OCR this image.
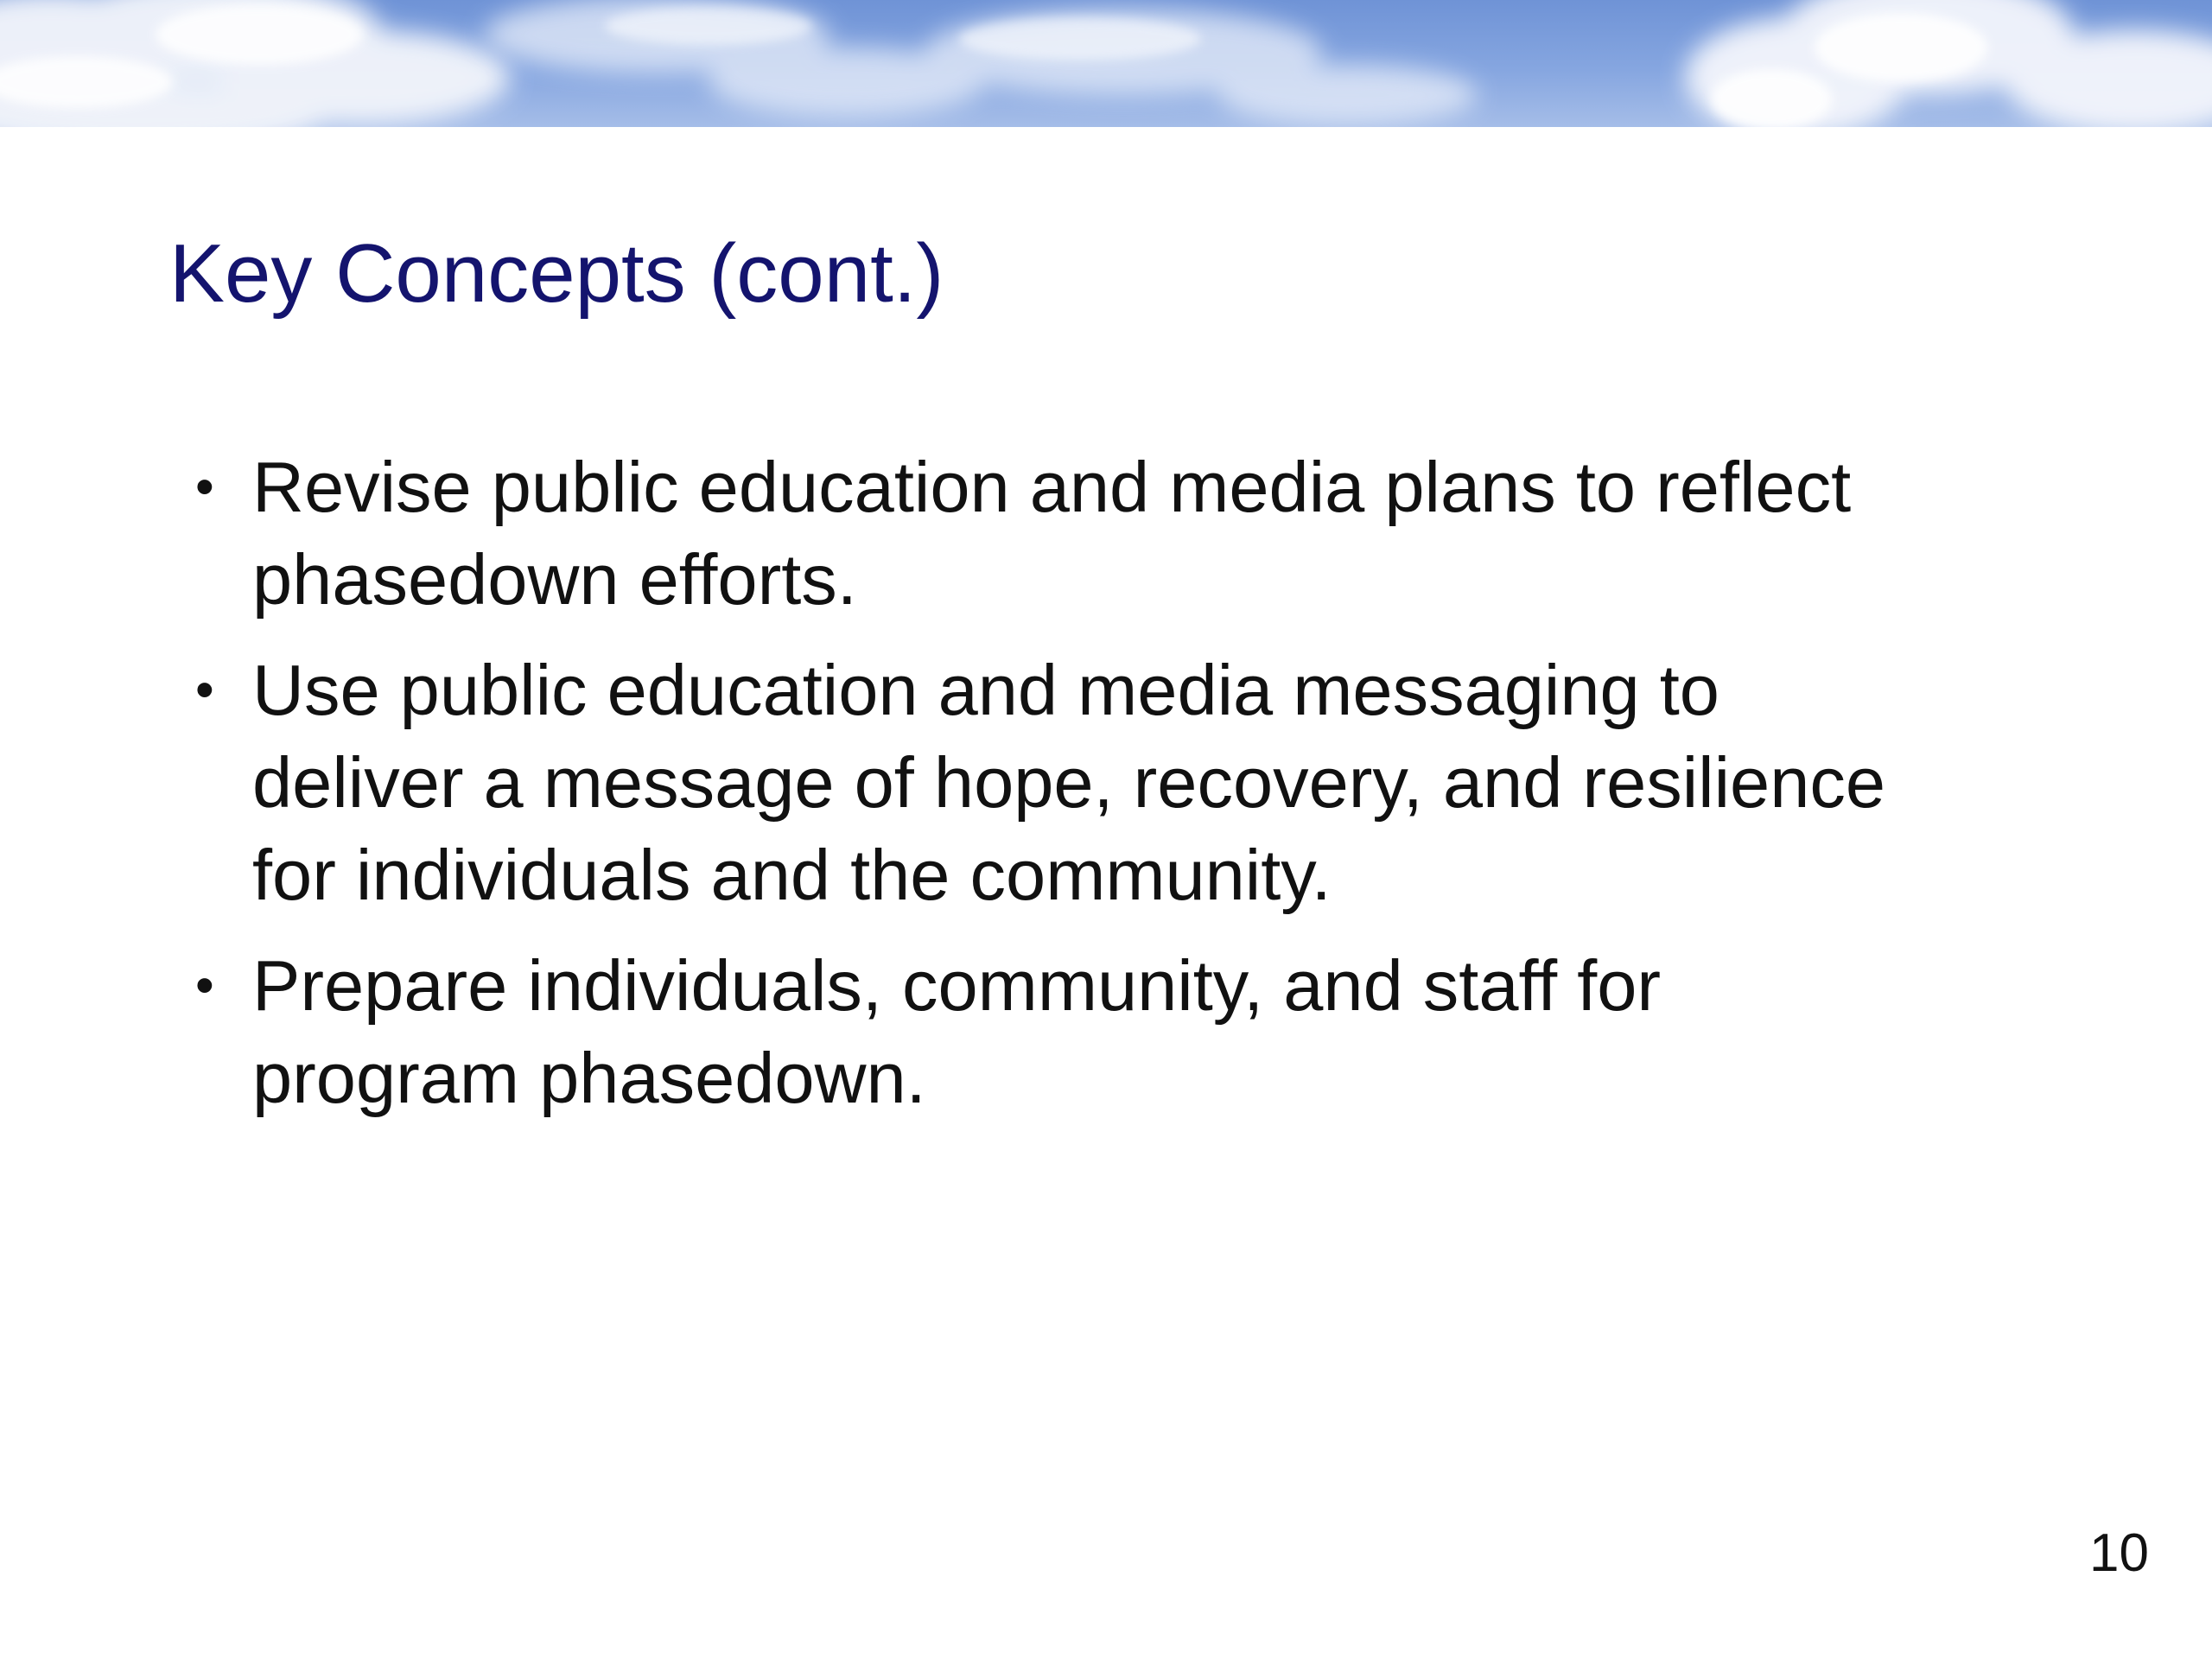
Key Concepts (cont.)
• Revise public education and media plans to reflect
phasedown efforts.
• Use public education and media messaging to
deliver a message of hope, recovery, and resilience
for individuals and the community.
• Prepare individuals, community, and staff for
program phasedown.
10
